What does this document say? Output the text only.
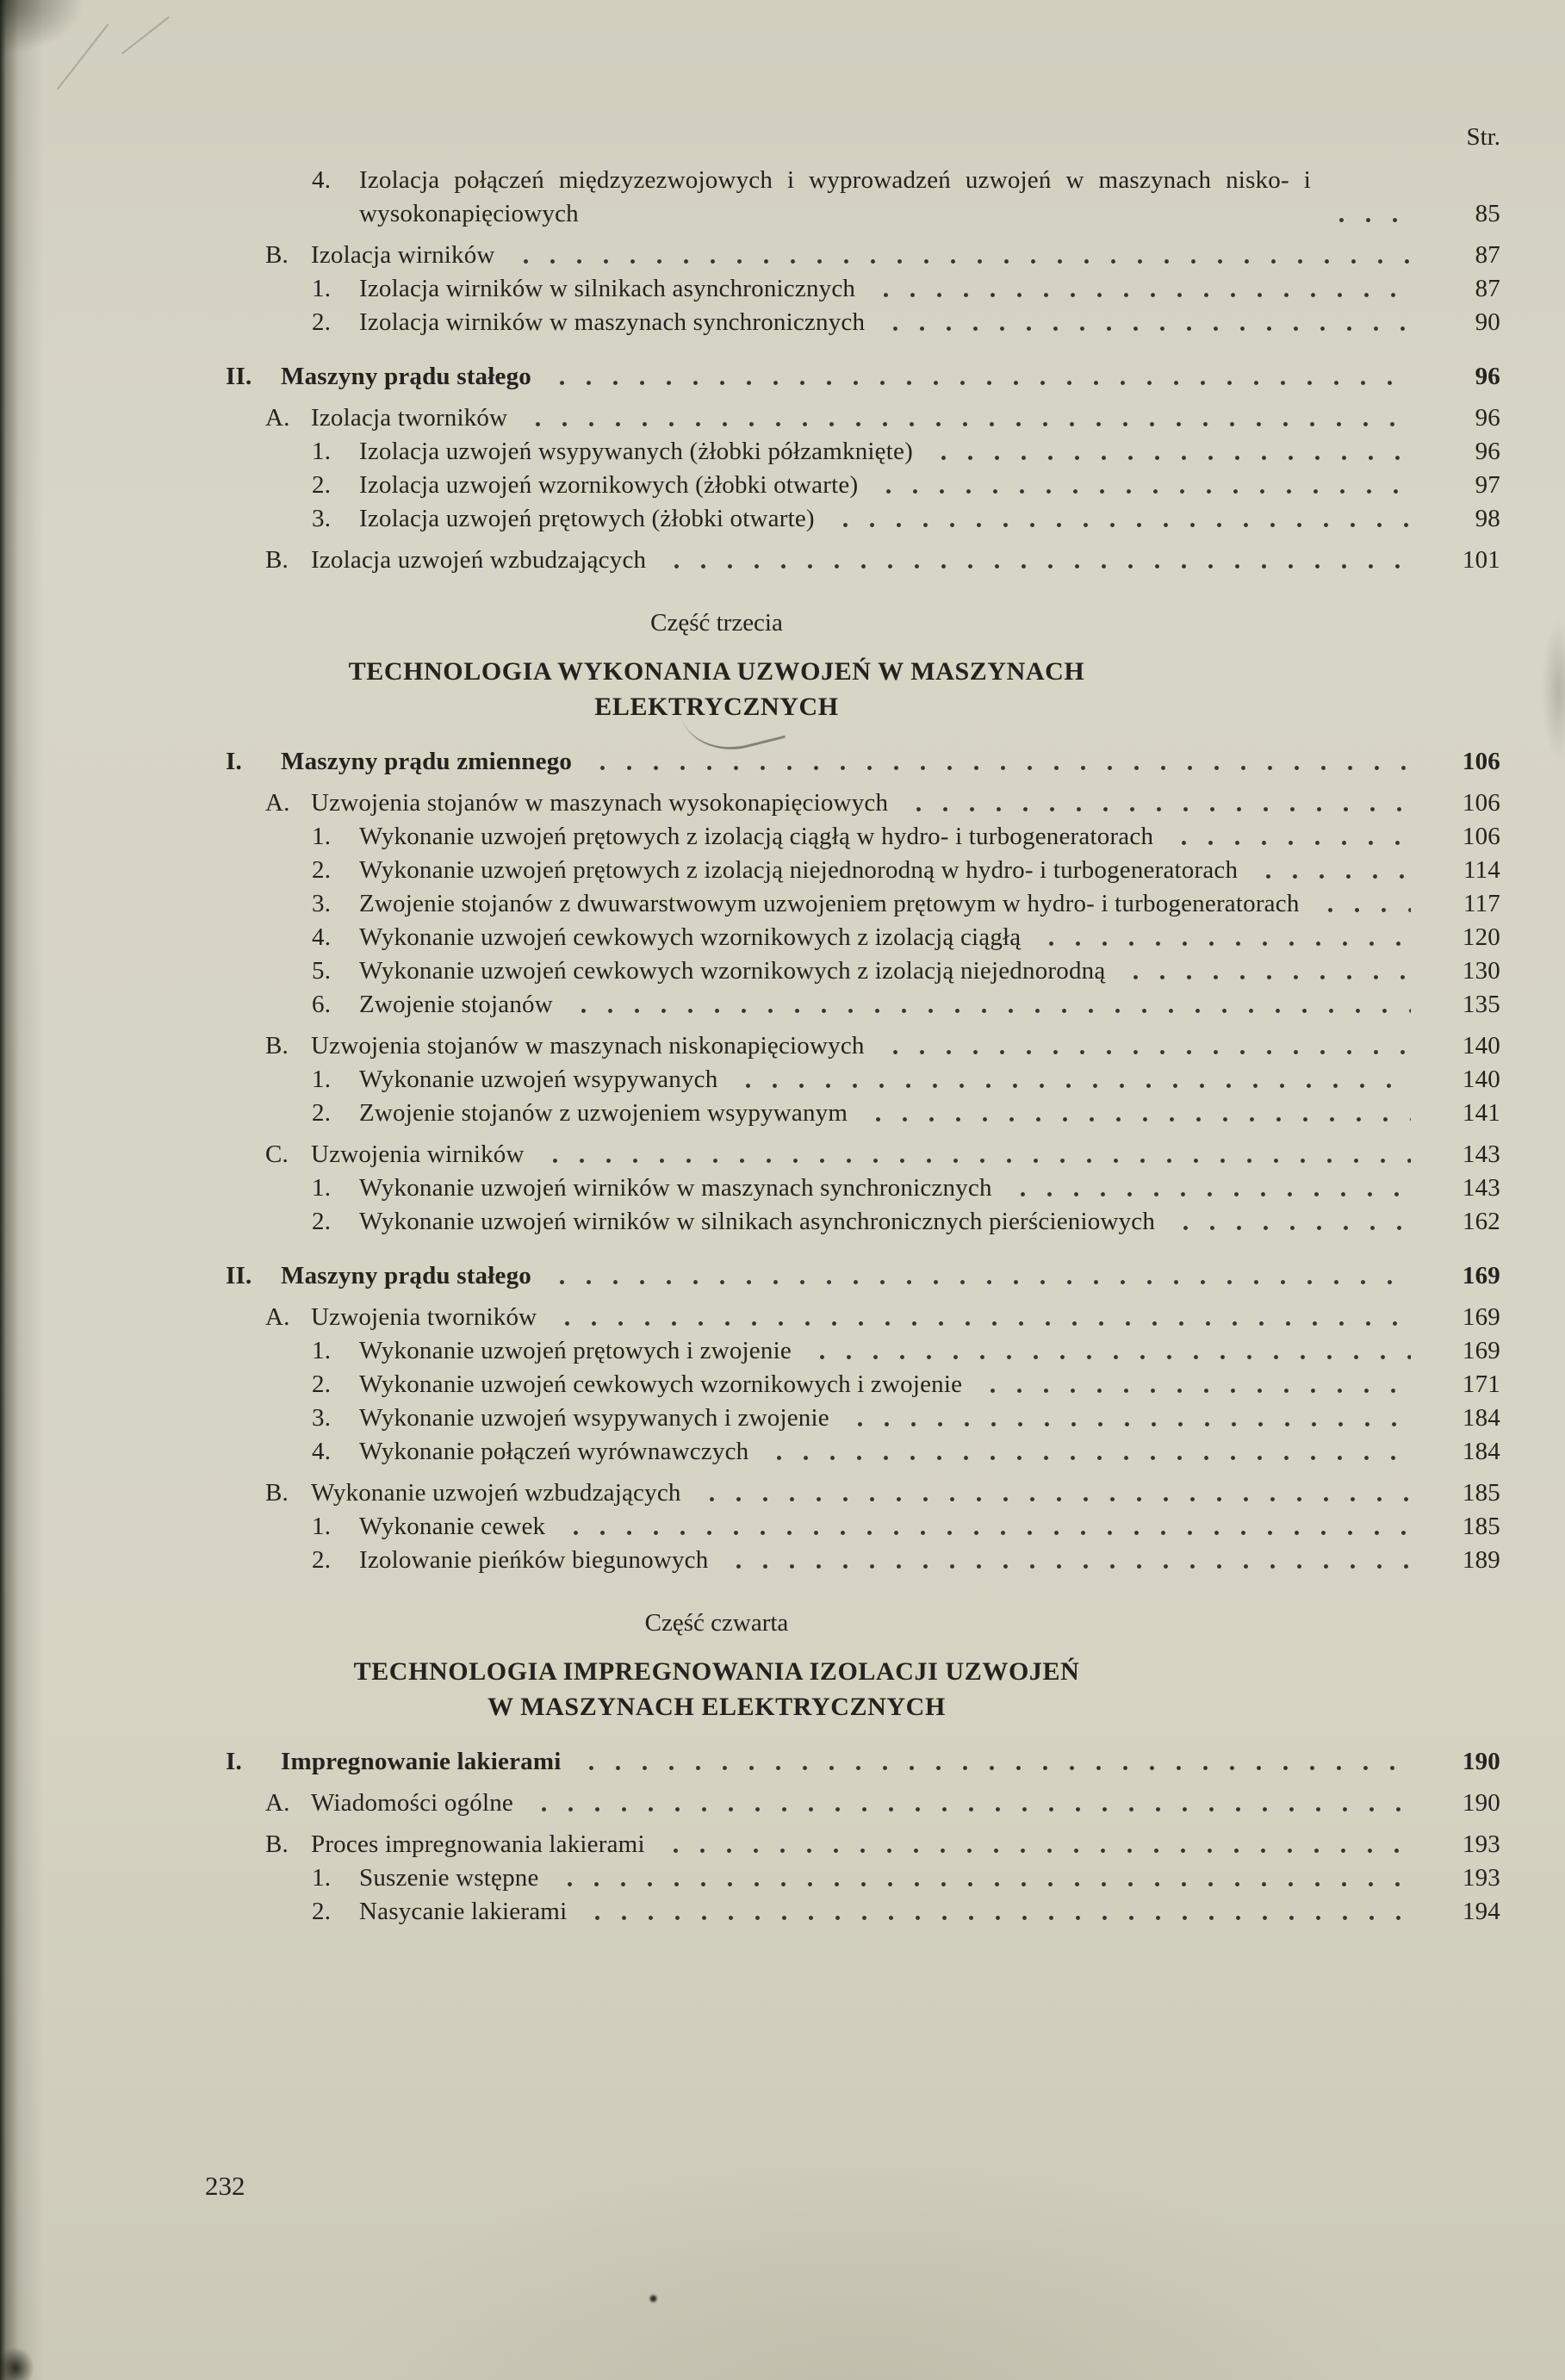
Str.
4.	Izolacja połączeń międzyzezwojowych i wyprowadzeń uzwojeń w maszynach nisko- i wysokonapięciowych	85
B. Izolacja wirników	87
1.	Izolacja wirników w silnikach asynchronicznych	87
2.	Izolacja wirników w maszynach synchronicznych	90
II.	Maszyny prądu stałego	96
A. Izolacja tworników	96
1.	Izolacja uzwojeń wsypywanych (żłobki półzamknięte)	96
2.	Izolacja uzwojeń wzornikowych (żłobki otwarte)	97
3.	Izolacja uzwojeń prętowych (żłobki otwarte)	98
B. Izolacja uzwojeń wzbudzających	101
Część trzecia
TECHNOLOGIA WYKONANIA UZWOJEŃ W MASZYNACH
ELEKTRYCZNYCH
I.	Maszyny prądu zmiennego	106
A. Uzwojenia stojanów w maszynach wysokonapięciowych	106
1.	Wykonanie uzwojeń prętowych z izolacją ciągłą w hydro- i turbogeneratorach	106
2.	Wykonanie uzwojeń prętowych z izolacją niejednorodną w hydro- i turbogeneratorach	114
3.	Zwojenie stojanów z dwuwarstwowym uzwojeniem prętowym w hydro- i turbogeneratorach	117
4.	Wykonanie uzwojeń cewkowych wzornikowych z izolacją ciągłą	120
5.	Wykonanie uzwojeń cewkowych wzornikowych z izolacją niejednorodną	130
6.	Zwojenie stojanów	135
B. Uzwojenia stojanów w maszynach niskonapięciowych	140
1.	Wykonanie uzwojeń wsypywanych	140
2.	Zwojenie stojanów z uzwojeniem wsypywanym	141
C. Uzwojenia wirników	143
1.	Wykonanie uzwojeń wirników w maszynach synchronicznych	143
2.	Wykonanie uzwojeń wirników w silnikach asynchronicznych pierścieniowych	162
II.	Maszyny prądu stałego	169
A. Uzwojenia tworników	169
1.	Wykonanie uzwojeń prętowych i zwojenie	169
2.	Wykonanie uzwojeń cewkowych wzornikowych i zwojenie	171
3.	Wykonanie uzwojeń wsypywanych i zwojenie	184
4.	Wykonanie połączeń wyrównawczych	184
B. Wykonanie uzwojeń wzbudzających	185
1.	Wykonanie cewek	185
2.	Izolowanie pieńków biegunowych	189
Część czwarta
TECHNOLOGIA IMPREGNOWANIA IZOLACJI UZWOJEŃ
W MASZYNACH ELEKTRYCZNYCH
I.	Impregnowanie lakierami	190
A. Wiadomości ogólne	190
B. Proces impregnowania lakierami	193
1.	Suszenie wstępne	193
2.	Nasycanie lakierami	194
232
